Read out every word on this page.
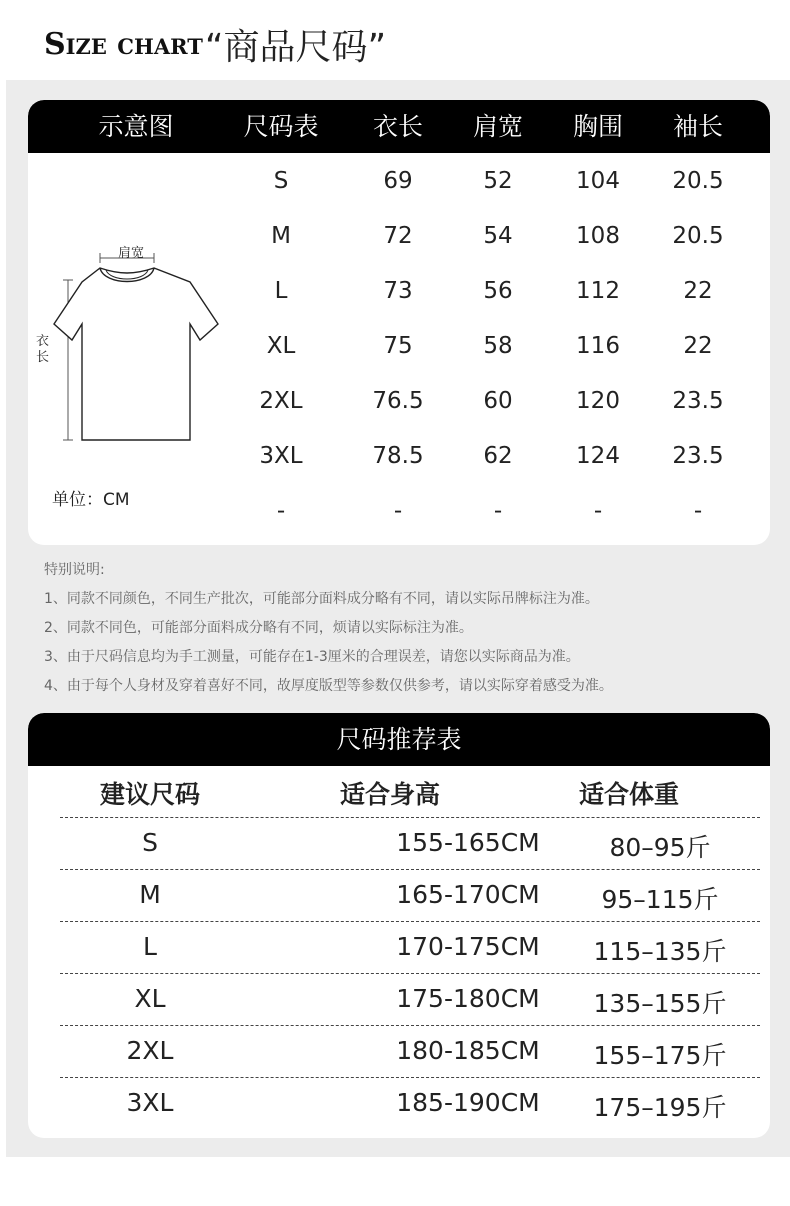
Size chart “商品尺码”
示意图	尺码表	衣长	肩宽	胸围	袖长
肩宽
衣
长
单位：CM
S	69	52	104	20.5
M	72	54	108	20.5
L	73	56	112	22
XL	75	58	116	22
2XL	76.5	60	120	23.5
3XL	78.5	62	124	23.5
-	-	-	-	-
特别说明:
1、同款不同颜色，不同生产批次，可能部分面料成分略有不同，请以实际吊牌标注为准。
2、同款不同色，可能部分面料成分略有不同，烦请以实际标注为准。
3、由于尺码信息均为手工测量，可能存在1-3厘米的合理误差，请您以实际商品为准。
4、由于每个人身材及穿着喜好不同，故厚度版型等参数仅供参考，请以实际穿着感受为准。
尺码推荐表
建议尺码	适合身高	适合体重
S	155-165CM	80–95斤
M	165-170CM	95–115斤
L	170-175CM	115–135斤
XL	175-180CM	135–155斤
2XL	180-185CM	155–175斤
3XL	185-190CM	175–195斤
